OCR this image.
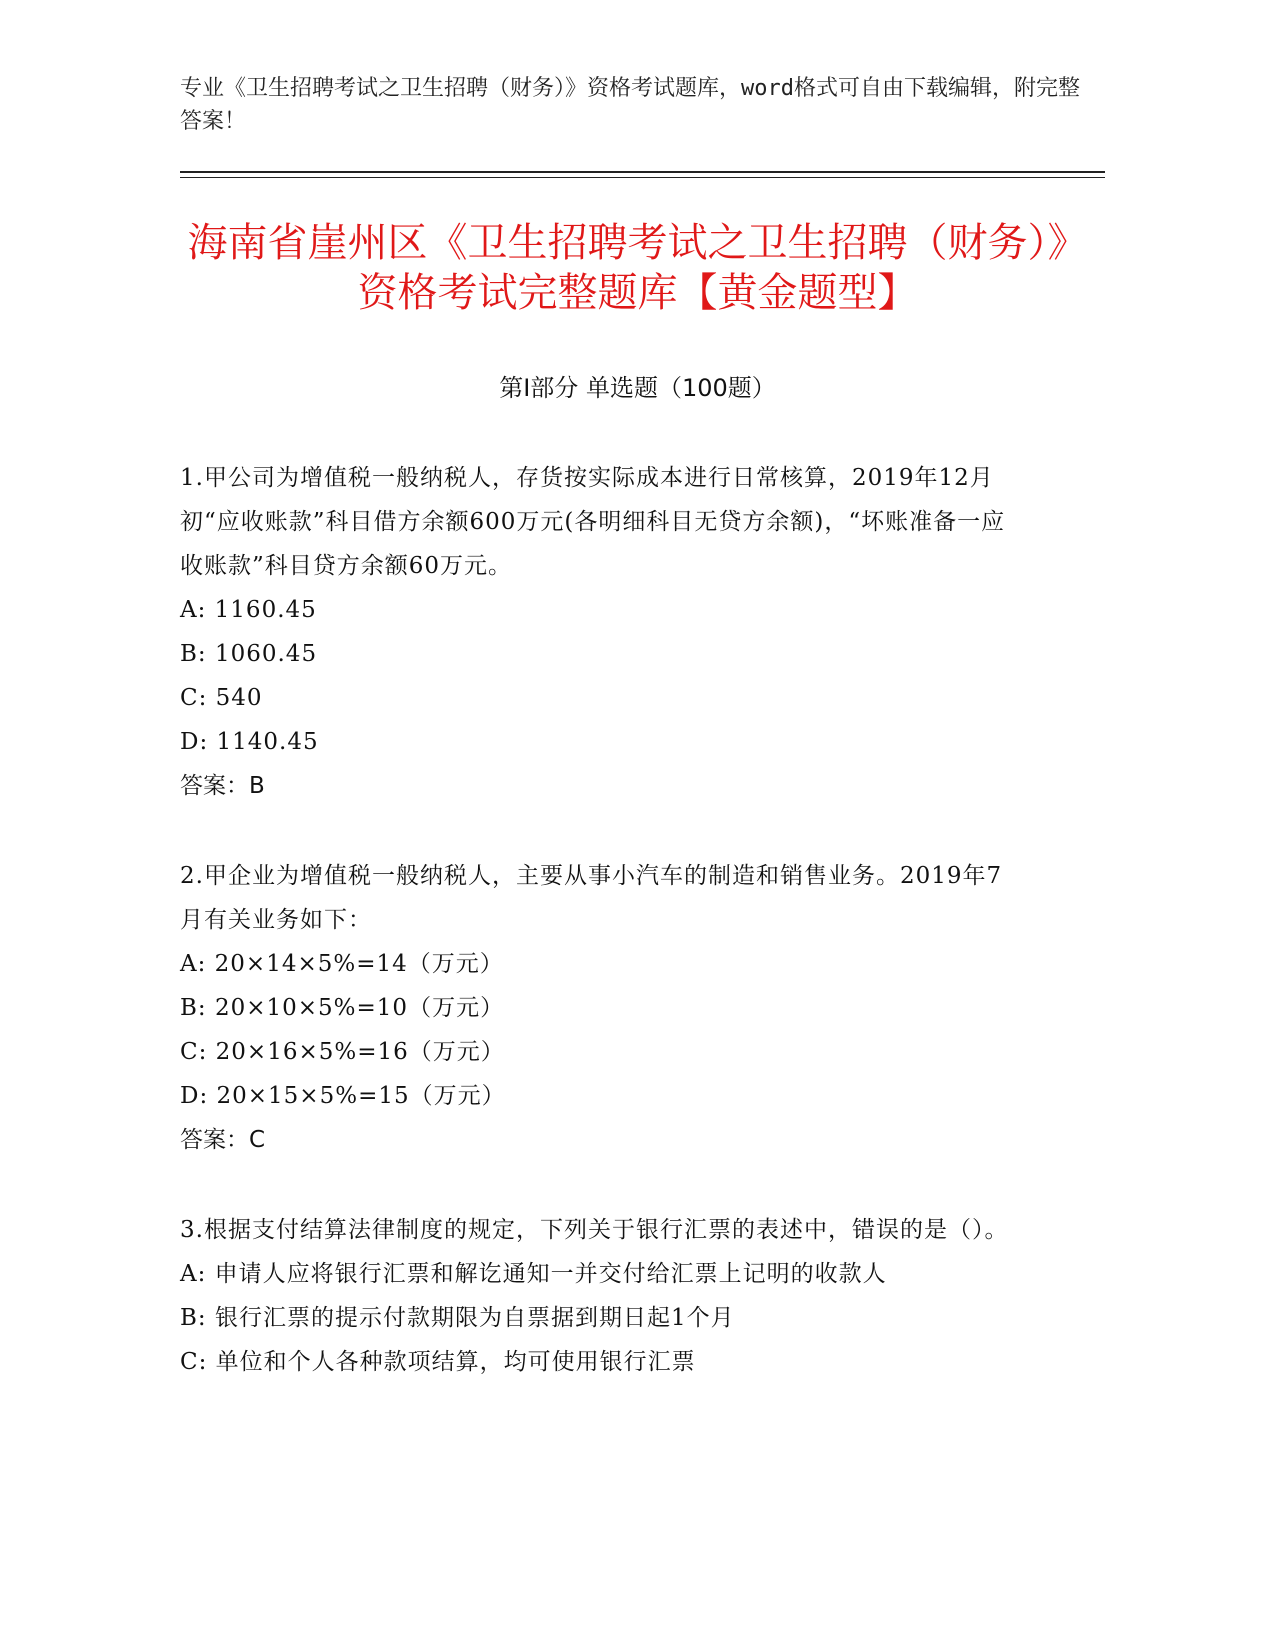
专业《卫生招聘考试之卫生招聘（财务）》资格考试题库，word格式可自由下载编辑，附完整答案！
海南省崖州区《卫生招聘考试之卫生招聘（财务）》资格考试完整题库【黄金题型】
第Ⅰ部分 单选题（100题）
1.甲公司为增值税一般纳税人，存货按实际成本进行日常核算，2019年12月初“应收账款”科目借方余额600万元(各明细科目无贷方余额)，“坏账准备一应收账款”科目贷方余额60万元。
A: 1160.45
B: 1060.45
C: 540
D: 1140.45
答案：B
2.甲企业为增值税一般纳税人，主要从事小汽车的制造和销售业务。2019年7月有关业务如下：
A: 20×14×5%=14（万元）
B: 20×10×5%=10（万元）
C: 20×16×5%=16（万元）
D: 20×15×5%=15（万元）
答案：C
3.根据支付结算法律制度的规定，下列关于银行汇票的表述中，错误的是（）。
A: 申请人应将银行汇票和解讫通知一并交付给汇票上记明的收款人
B: 银行汇票的提示付款期限为自票据到期日起1个月
C: 单位和个人各种款项结算，均可使用银行汇票
